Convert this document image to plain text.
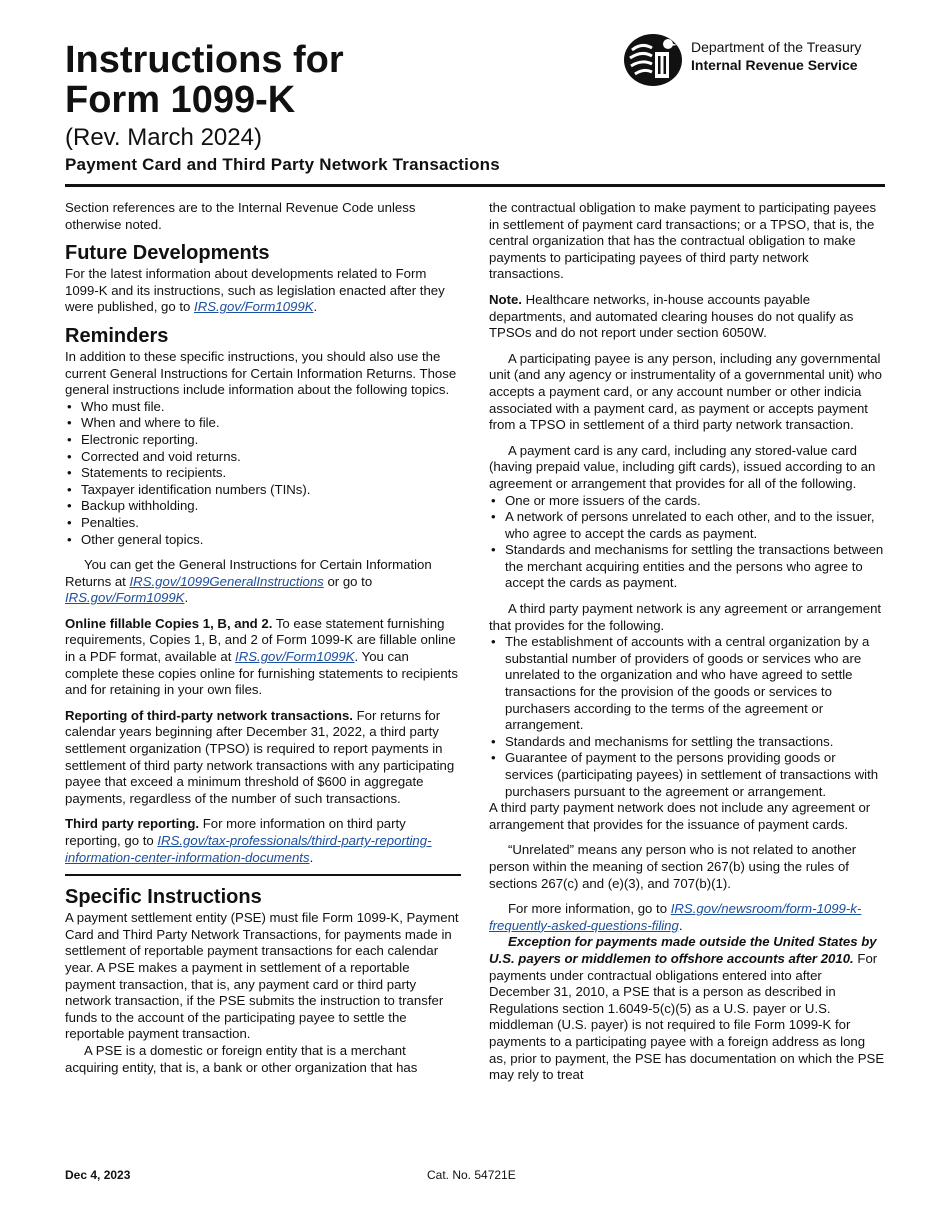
Instructions for
Form 1099-K
(Rev. March 2024)
Payment Card and Third Party Network Transactions
Department of the Treasury
Internal Revenue Service

Section references are to the Internal Revenue Code unless otherwise noted.

Future Developments

For the latest information about developments related to Form 1099-K and its instructions, such as legislation enacted after they were published, go to IRS.gov/Form1099K.

Reminders

In addition to these specific instructions, you should also use the current General Instructions for Certain Information Returns. Those general instructions include information about the following topics.

• Who must file.
• When and where to file.
• Electronic reporting.
• Corrected and void returns.
• Statements to recipients.
• Taxpayer identification numbers (TINs).
• Backup withholding.
• Penalties.
• Other general topics.

You can get the General Instructions for Certain Information Returns at IRS.gov/1099GeneralInstructions or go to IRS.gov/Form1099K.

Online fillable Copies 1, B, and 2. To ease statement furnishing requirements, Copies 1, B, and 2 of Form 1099-K are fillable online in a PDF format, available at IRS.gov/Form1099K. You can complete these copies online for furnishing statements to recipients and for retaining in your own files.

Reporting of third-party network transactions. For returns for calendar years beginning after December 31, 2022, a third party settlement organization (TPSO) is required to report payments in settlement of third party network transactions with any participating payee that exceed a minimum threshold of $600 in aggregate payments, regardless of the number of such transactions.

Third party reporting. For more information on third party reporting, go to IRS.gov/tax-professionals/third-party-reporting-information-center-information-documents.

Specific Instructions

A payment settlement entity (PSE) must file Form 1099-K, Payment Card and Third Party Network Transactions, for payments made in settlement of reportable payment transactions for each calendar year. A PSE makes a payment in settlement of a reportable payment transaction, that is, any payment card or third party network transaction, if the PSE submits the instruction to transfer funds to the account of the participating payee to settle the reportable payment transaction.

A PSE is a domestic or foreign entity that is a merchant acquiring entity, that is, a bank or other organization that has

the contractual obligation to make payment to participating payees in settlement of payment card transactions; or a TPSO, that is, the central organization that has the contractual obligation to make payments to participating payees of third party network transactions.

Note. Healthcare networks, in-house accounts payable departments, and automated clearing houses do not qualify as TPSOs and do not report under section 6050W.

A participating payee is any person, including any governmental unit (and any agency or instrumentality of a governmental unit) who accepts a payment card, or any account number or other indicia associated with a payment card, as payment or accepts payment from a TPSO in settlement of a third party network transaction.

A payment card is any card, including any stored-value card (having prepaid value, including gift cards), issued according to an agreement or arrangement that provides for all of the following.

• One or more issuers of the cards.
• A network of persons unrelated to each other, and to the issuer, who agree to accept the cards as payment.
• Standards and mechanisms for settling the transactions between the merchant acquiring entities and the persons who agree to accept the cards as payment.

A third party payment network is any agreement or arrangement that provides for the following.

• The establishment of accounts with a central organization by a substantial number of providers of goods or services who are unrelated to the organization and who have agreed to settle transactions for the provision of the goods or services to purchasers according to the terms of the agreement or arrangement.
• Standards and mechanisms for settling the transactions.
• Guarantee of payment to the persons providing goods or services (participating payees) in settlement of transactions with purchasers pursuant to the agreement or arrangement.

A third party payment network does not include any agreement or arrangement that provides for the issuance of payment cards.

“Unrelated” means any person who is not related to another person within the meaning of section 267(b) using the rules of sections 267(c) and (e)(3), and 707(b)(1).

For more information, go to IRS.gov/newsroom/form-1099-k-frequently-asked-questions-filing.

Exception for payments made outside the United States by U.S. payers or middlemen to offshore accounts after 2010. For payments under contractual obligations entered into after December 31, 2010, a PSE that is a person as described in Regulations section 1.6049-5(c)(5) as a U.S. payer or U.S. middleman (U.S. payer) is not required to file Form 1099-K for payments to a participating payee with a foreign address as long as, prior to payment, the PSE has documentation on which the PSE may rely to treat

Dec 4, 2023	Cat. No. 54721E
